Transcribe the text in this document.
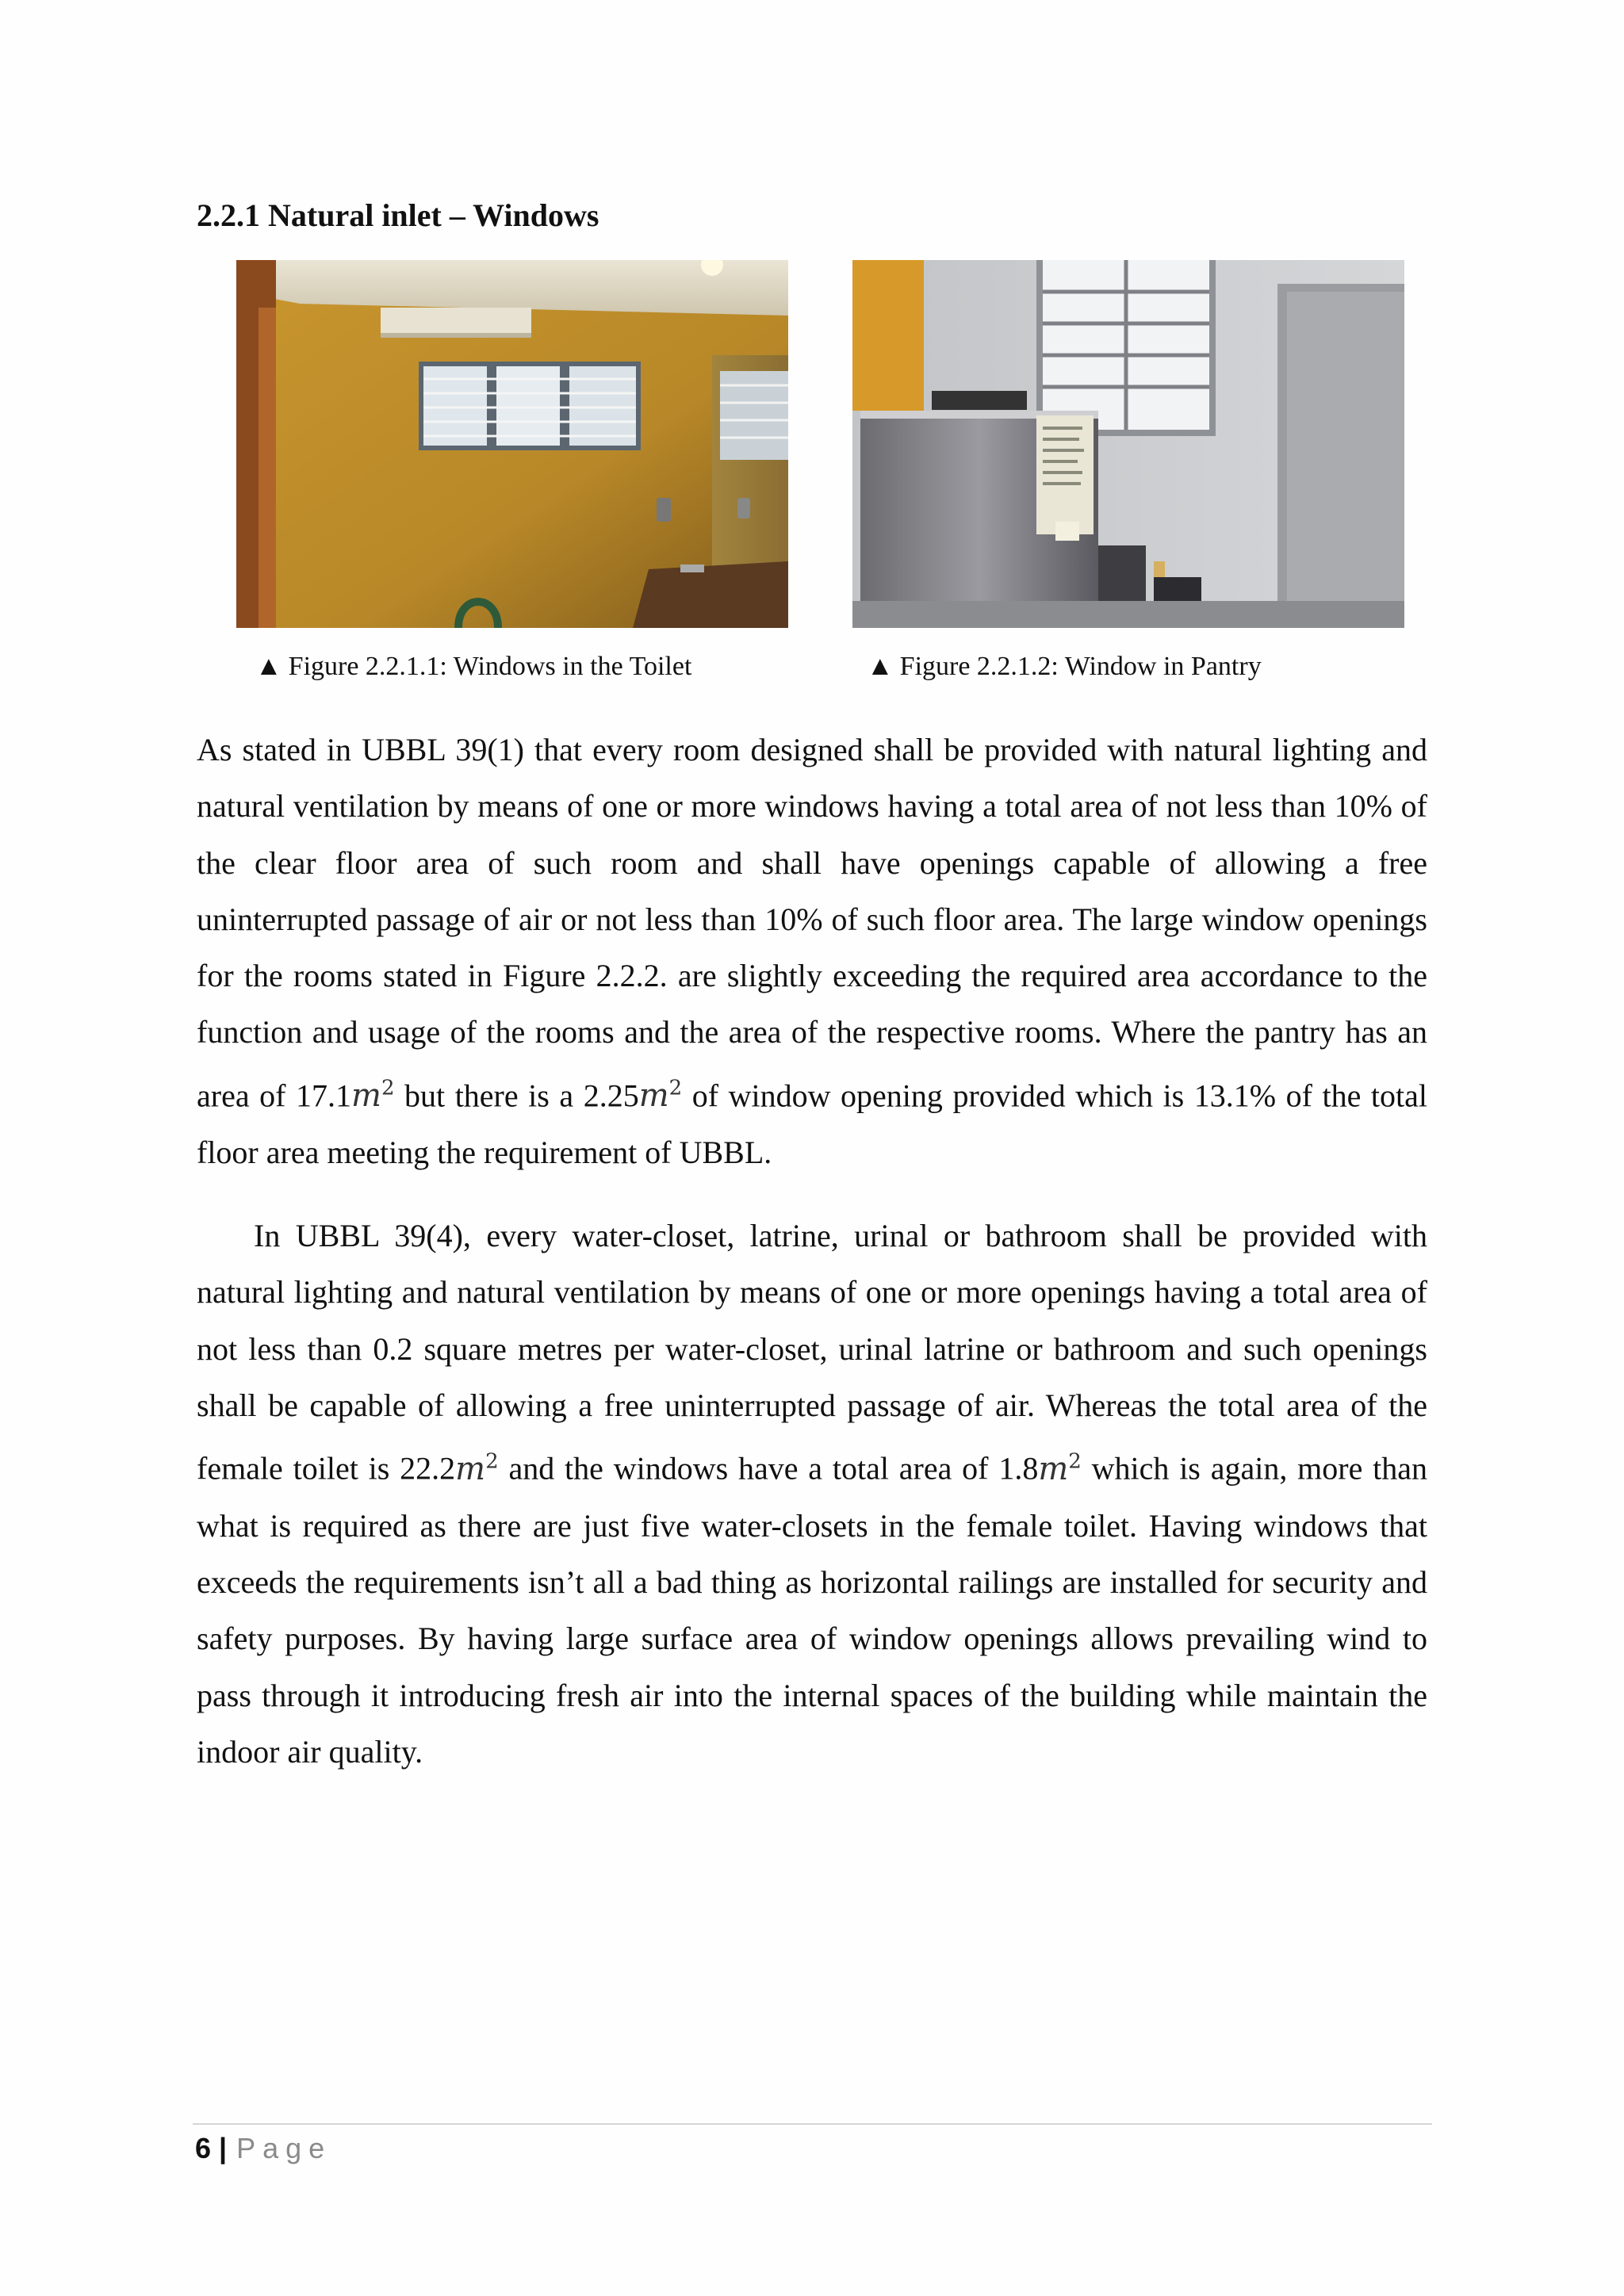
2.2.1 Natural inlet – Windows
▲ Figure 2.2.1.1: Windows in the Toilet	▲ Figure 2.2.1.2: Window in Pantry

As stated in UBBL 39(1) that every room designed shall be provided with natural lighting and natural ventilation by means of one or more windows having a total area of not less than 10% of the clear floor area of such room and shall have openings capable of allowing a free uninterrupted passage of air or not less than 10% of such floor area. The large window openings for the rooms stated in Figure 2.2.2. are slightly exceeding the required area accordance to the function and usage of the rooms and the area of the respective rooms. Where the pantry has an area of $17.1m^2$ but there is a $2.25m^2$ of window opening provided which is 13.1% of the total floor area meeting the requirement of UBBL.

In UBBL 39(4), every water-closet, latrine, urinal or bathroom shall be provided with natural lighting and natural ventilation by means of one or more openings having a total area of not less than 0.2 square metres per water-closet, urinal latrine or bathroom and such openings shall be capable of allowing a free uninterrupted passage of air. Whereas the total area of the female toilet is $22.2m^2$ and the windows have a total area of $1.8m^2$ which is again, more than what is required as there are just five water-closets in the female toilet. Having windows that exceeds the requirements isn’t all a bad thing as horizontal railings are installed for security and safety purposes. By having large surface area of window openings allows prevailing wind to pass through it introducing fresh air into the internal spaces of the building while maintain the indoor air quality.

6 | Page
